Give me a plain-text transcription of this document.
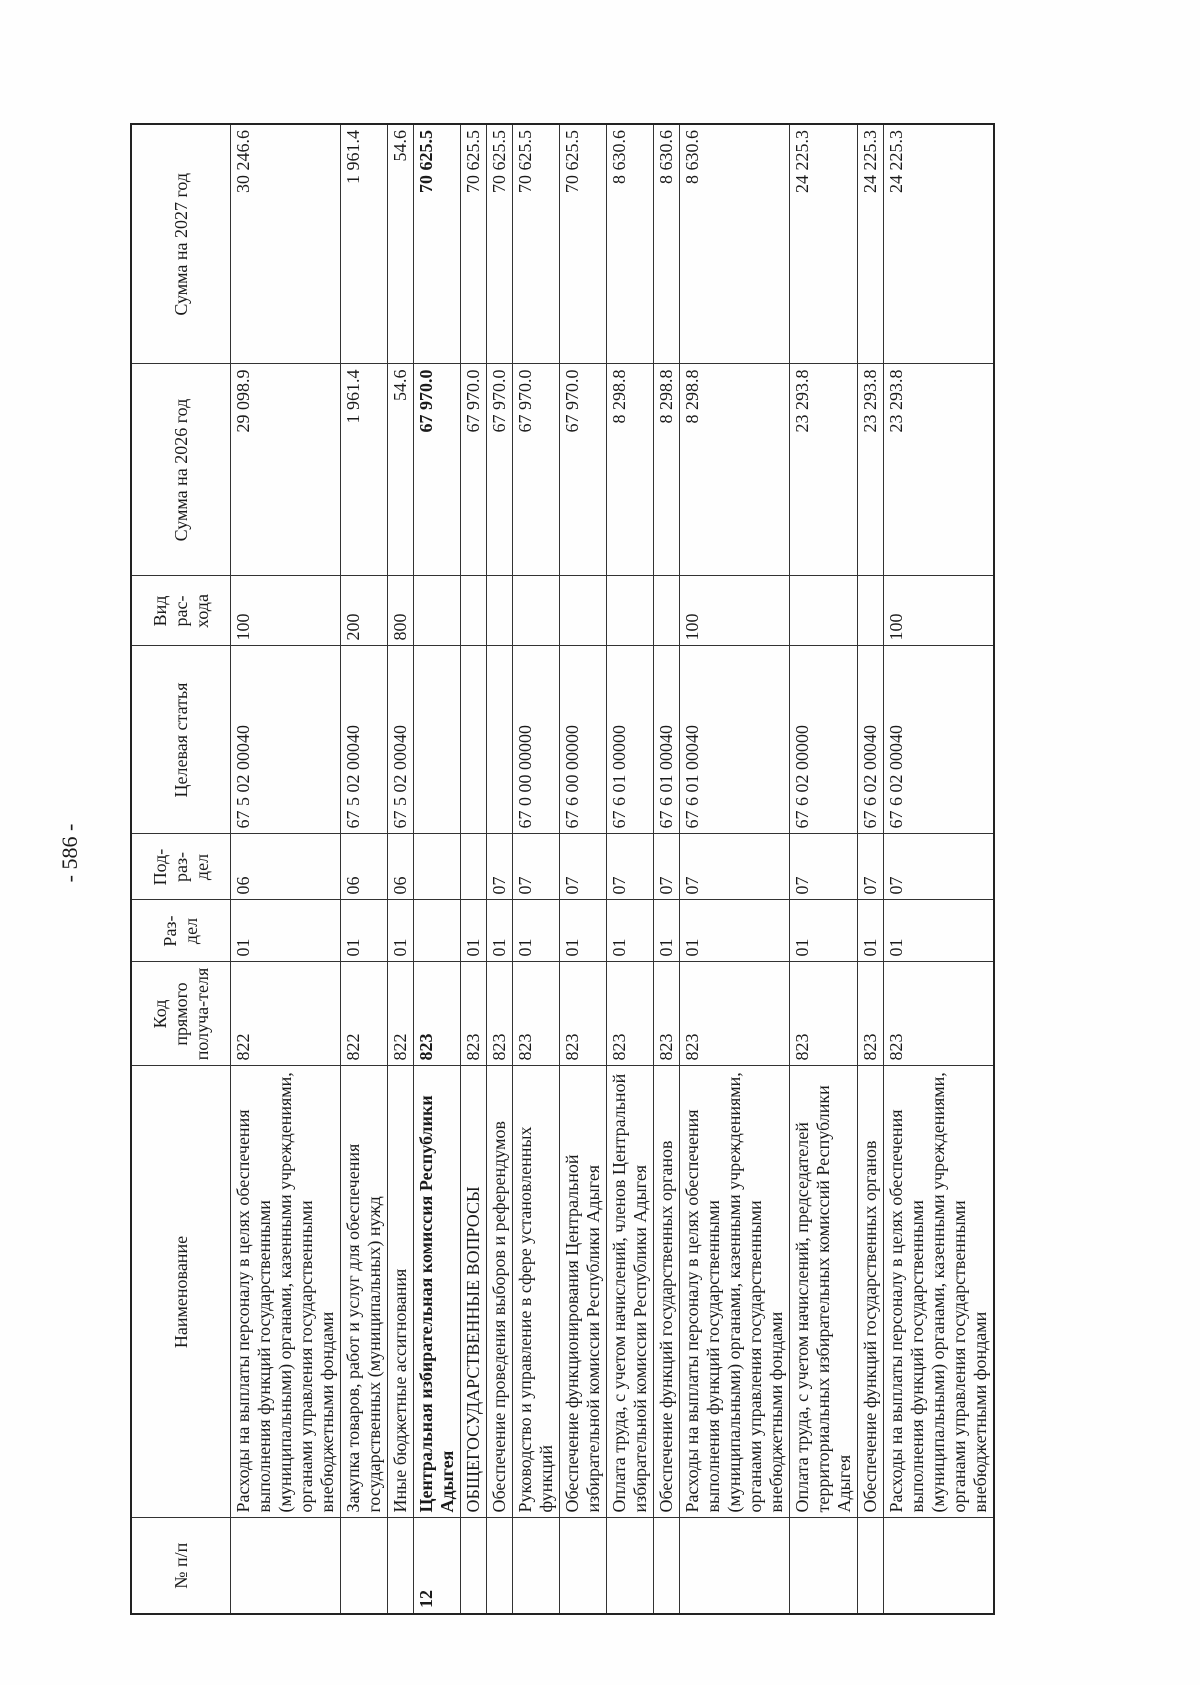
- 586 -
№ п/п	Наименование	Код прямого получа-теля	Раз-дел	Под-раз-дел	Целевая статья	Вид рас-хода	Сумма на 2026 год	Сумма на 2027 год
	Расходы на выплаты персоналу в целях обеспечения выполнения функций государственными (муниципальными) органами, казенными учреждениями, органами управления государственными внебюджетными фондами	822	01	06	67 5 02 00040	100	29 098.9	30 246.6
	Закупка товаров, работ и услуг для обеспечения государственных (муниципальных) нужд	822	01	06	67 5 02 00040	200	1 961.4	1 961.4
	Иные бюджетные ассигнования	822	01	06	67 5 02 00040	800	54.6	54.6
12	Центральная избирательная комиссия Республики Адыгея	823					67 970.0	70 625.5
	ОБЩЕГОСУДАРСТВЕННЫЕ ВОПРОСЫ	823	01				67 970.0	70 625.5
	Обеспечение проведения выборов и референдумов	823	01	07			67 970.0	70 625.5
	Руководство и управление в сфере установленных функций	823	01	07	67 0 00 00000		67 970.0	70 625.5
	Обеспечение функционирования Центральной избирательной комиссии Республики Адыгея	823	01	07	67 6 00 00000		67 970.0	70 625.5
	Оплата труда, с учетом начислений, членов Центральной избирательной комиссии Республики Адыгея	823	01	07	67 6 01 00000		8 298.8	8 630.6
	Обеспечение функций государственных органов	823	01	07	67 6 01 00040		8 298.8	8 630.6
	Расходы на выплаты персоналу в целях обеспечения выполнения функций государственными (муниципальными) органами, казенными учреждениями, органами управления государственными внебюджетными фондами	823	01	07	67 6 01 00040	100	8 298.8	8 630.6
	Оплата труда, с учетом начислений, председателей территориальных избирательных комиссий Республики Адыгея	823	01	07	67 6 02 00000		23 293.8	24 225.3
	Обеспечение функций государственных органов	823	01	07	67 6 02 00040		23 293.8	24 225.3
	Расходы на выплаты персоналу в целях обеспечения выполнения функций государственными (муниципальными) органами, казенными учреждениями, органами управления государственными внебюджетными фондами	823	01	07	67 6 02 00040	100	23 293.8	24 225.3
